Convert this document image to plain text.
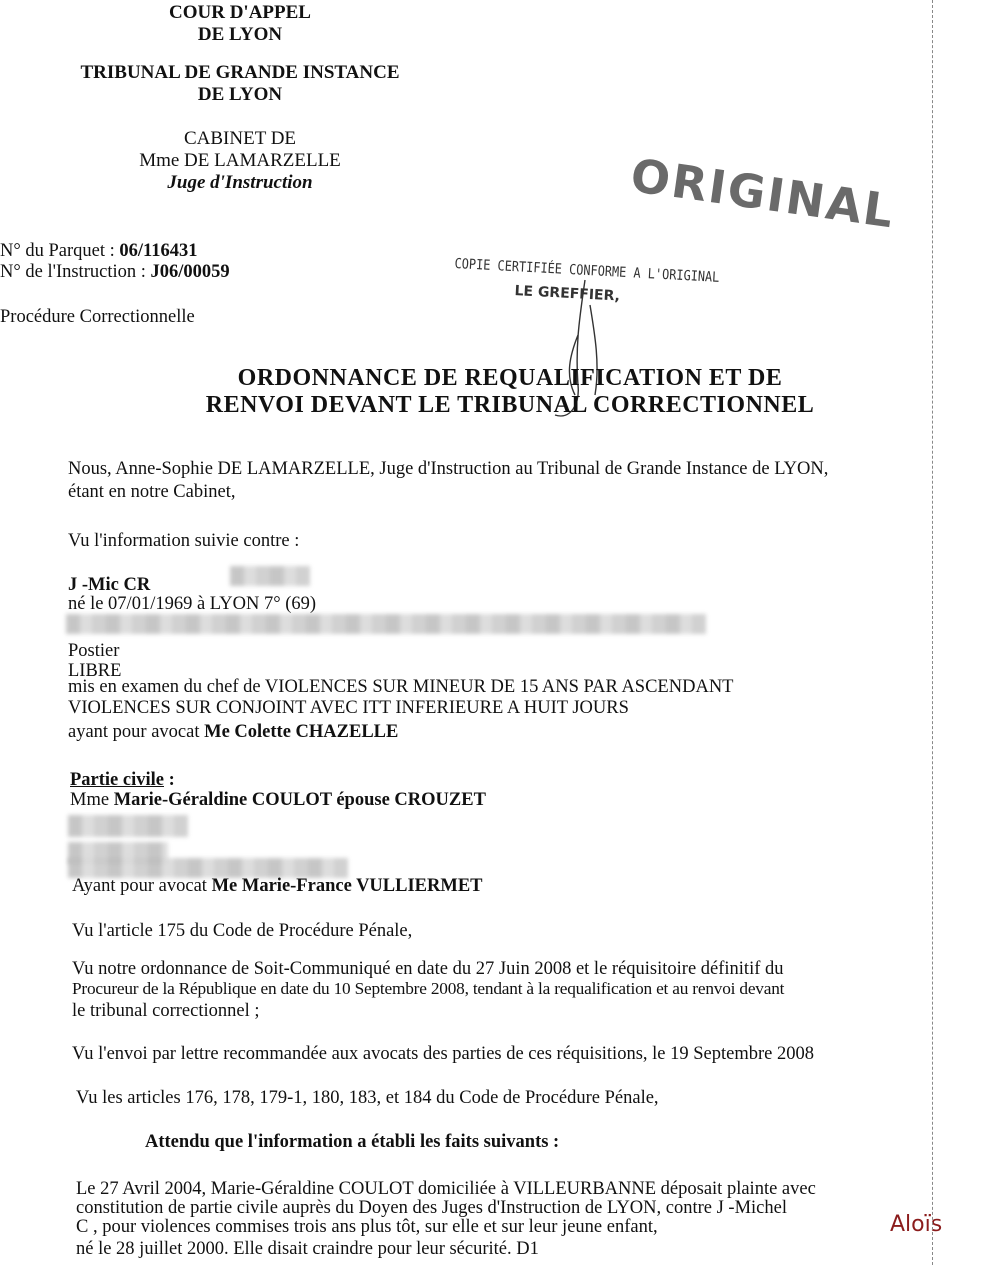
COUR D'APPEL
DE LYON
TRIBUNAL DE GRANDE INSTANCE
DE LYON
CABINET DE
Mme DE LAMARZELLE
Juge d'Instruction
N° du Parquet : 06/116431
N° de l'Instruction : J06/00059
Procédure Correctionnelle
ORIGINAL
COPIE CERTIFIÉE CONFORME A L'ORIGINAL
LE GREFFIER,
ORDONNANCE DE REQUALIFICATION ET DE
RENVOI DEVANT LE TRIBUNAL CORRECTIONNEL
Nous, Anne-Sophie DE LAMARZELLE, Juge d'Instruction au Tribunal de Grande Instance de LYON,
étant en notre Cabinet,
Vu l'information suivie contre :
J -Mic CR
né le 07/01/1969 à LYON 7° (69)
Postier
LIBRE
mis en examen du chef de VIOLENCES SUR MINEUR DE 15 ANS PAR ASCENDANT
VIOLENCES SUR CONJOINT AVEC ITT INFERIEURE A HUIT JOURS
ayant pour avocat Me Colette CHAZELLE
Partie civile :
Mme Marie-Géraldine COULOT épouse CROUZET
Ayant pour avocat Me Marie-France VULLIERMET
Vu l'article 175 du Code de Procédure Pénale,
Vu notre ordonnance de Soit-Communiqué en date du 27 Juin 2008 et le réquisitoire définitif du
Procureur de la République en date du 10 Septembre 2008, tendant à la requalification et au renvoi devant
le tribunal correctionnel ;
Vu l'envoi par lettre recommandée aux avocats des parties de ces réquisitions, le 19 Septembre 2008
Vu les articles 176, 178, 179-1, 180, 183, et 184 du Code de Procédure Pénale,
Attendu que l'information a établi les faits suivants :
Le 27 Avril 2004, Marie-Géraldine COULOT domiciliée à VILLEURBANNE déposait plainte avec
constitution de partie civile auprès du Doyen des Juges d'Instruction de LYON, contre J -Michel
C , pour violences commises trois ans plus tôt, sur elle et sur leur jeune enfant,
né le 28 juillet 2000. Elle disait craindre pour leur sécurité. D1
Aloïs
